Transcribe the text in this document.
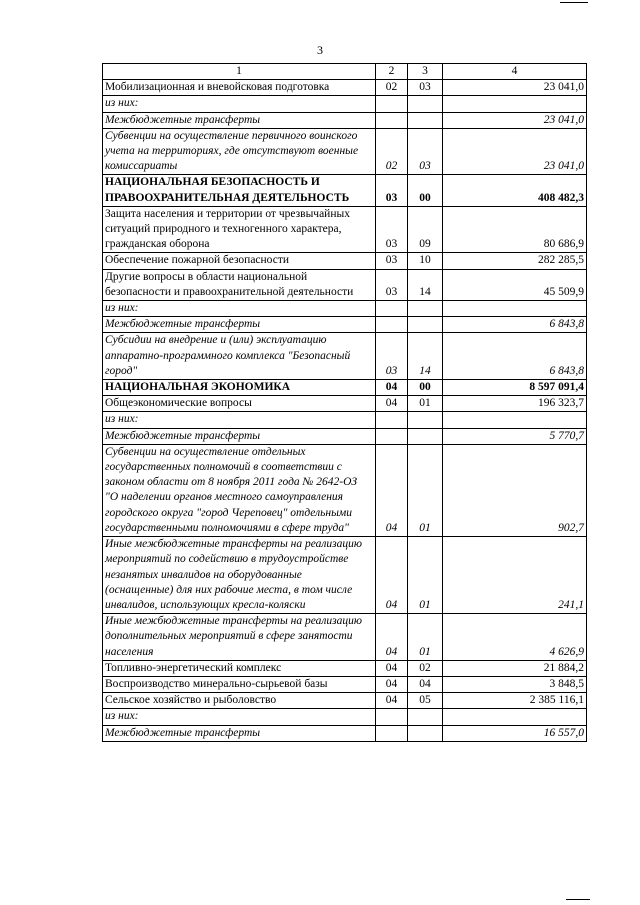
3
1	2	3	4
Мобилизационная и вневойсковая подготовка	02	03	23 041,0
из них:			
Межбюджетные трансферты			23 041,0
Субвенции на осуществление первичного воинского учета на территориях, где отсутствуют военные комиссариаты	02	03	23 041,0
НАЦИОНАЛЬНАЯ БЕЗОПАСНОСТЬ И ПРАВООХРАНИТЕЛЬНАЯ ДЕЯТЕЛЬНОСТЬ	03	00	408 482,3
Защита населения и территории от чрезвычайных ситуаций природного и техногенного характера, гражданская оборона	03	09	80 686,9
Обеспечение пожарной безопасности	03	10	282 285,5
Другие вопросы в области национальной безопасности и правоохранительной деятельности	03	14	45 509,9
из них:			
Межбюджетные трансферты			6 843,8
Субсидии на внедрение и (или) эксплуатацию аппаратно-программного комплекса "Безопасный город"	03	14	6 843,8
НАЦИОНАЛЬНАЯ ЭКОНОМИКА	04	00	8 597 091,4
Общеэкономические вопросы	04	01	196 323,7
из них:			
Межбюджетные трансферты			5 770,7
Субвенции на осуществление отдельных государственных полномочий в соответствии с законом области от 8 ноября 2011 года № 2642-ОЗ "О наделении органов местного самоуправления городского округа "город Череповец" отдельными государственными полномочиями в сфере труда"	04	01	902,7
Иные межбюджетные трансферты на реализацию мероприятий по содействию в трудоустройстве незанятых инвалидов на оборудованные (оснащенные) для них рабочие места, в том числе инвалидов, использующих кресла-коляски	04	01	241,1
Иные межбюджетные трансферты на реализацию дополнительных мероприятий в сфере занятости населения	04	01	4 626,9
Топливно-энергетический комплекс	04	02	21 884,2
Воспроизводство минерально-сырьевой базы	04	04	3 848,5
Сельское хозяйство и рыболовство	04	05	2 385 116,1
из них:			
Межбюджетные трансферты			16 557,0
